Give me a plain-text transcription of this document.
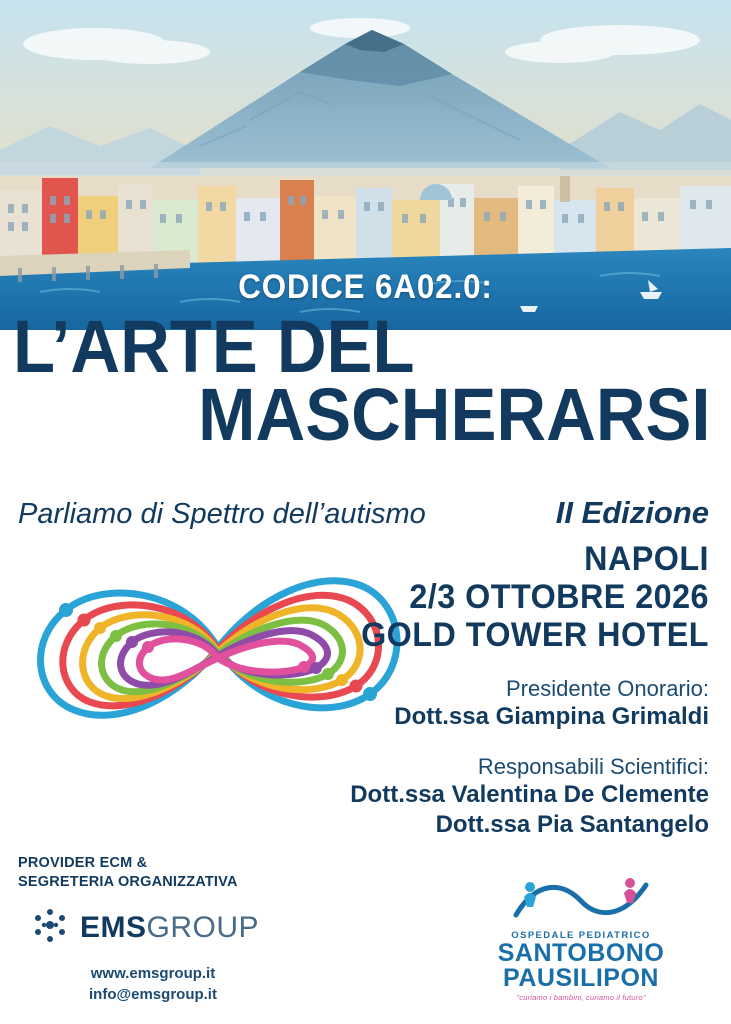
CODICE 6A02.0:
L’ARTE DEL
MASCHERARSI
Parliamo di Spettro dell’autismo	II Edizione
NAPOLI
2/3 OTTOBRE 2026
GOLD TOWER HOTEL
Presidente Onorario:
Dott.ssa Giampina Grimaldi
Responsabili Scientifici:
Dott.ssa Valentina De Clemente
Dott.ssa Pia Santangelo
PROVIDER ECM &
SEGRETERIA ORGANIZZATIVA
EMSGROUP
www.emsgroup.it
info@emsgroup.it
OSPEDALE PEDIATRICO
SANTOBONO
PAUSILIPON
"curiamo i bambini, curiamo il futuro"
